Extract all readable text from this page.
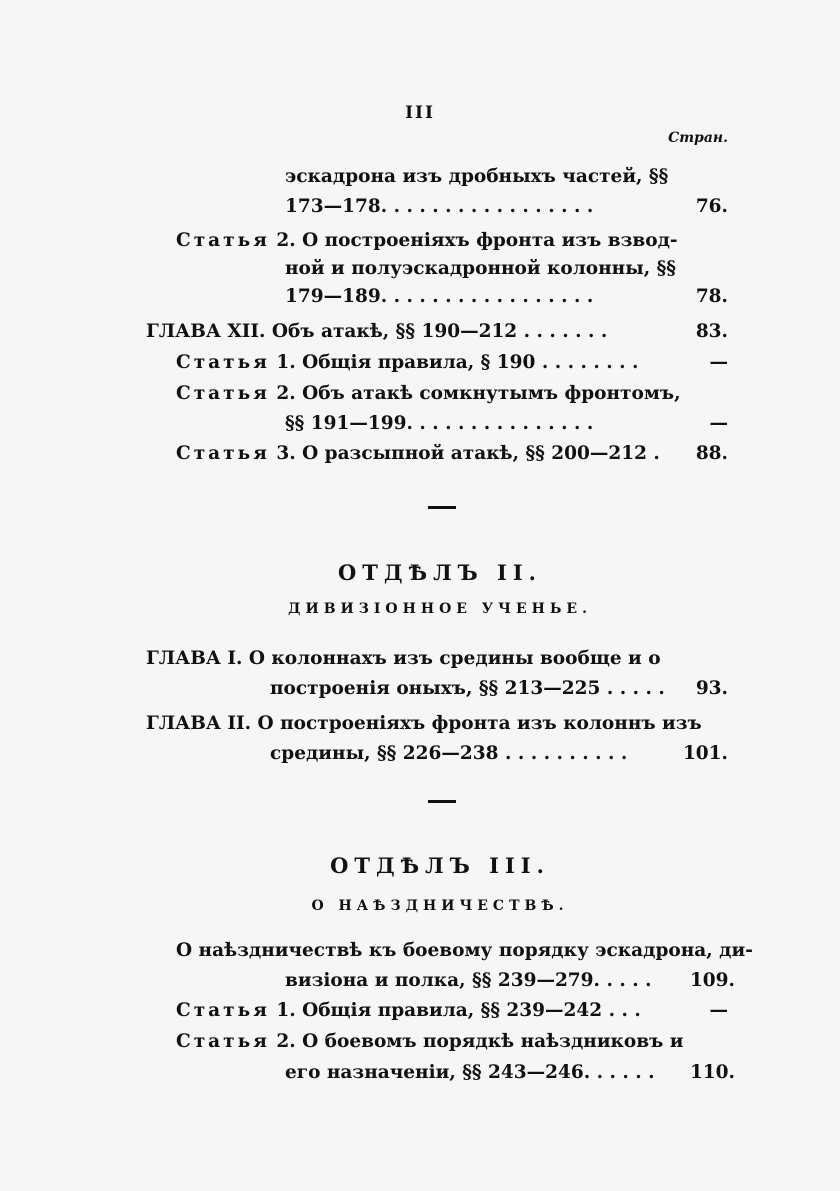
III
Стран.
эскадрона изъ дробныхъ частей, §§
173—178. . . . . . . . . . . . . . . . .	76.
Статья 2. О построеніяхъ фронта изъ взвод-
ной и полуэскадронной колонны, §§
179—189. . . . . . . . . . . . . . . . .	78.
ГЛАВА XII. Объ атакѣ, §§ 190—212 . . . . . . .	83.
Статья 1. Общія правила, § 190 . . . . . . . .	—
Статья 2. Объ атакѣ сомкнутымъ фронтомъ,
§§ 191—199. . . . . . . . . . . . . . .	—
Статья 3. О разсыпной атакѣ, §§ 200—212 . 88.
ОТДѢЛЪ II.
ДИВИЗІОННОЕ УЧЕНЬЕ.
ГЛАВА I. О колоннахъ изъ средины вообще и о
построенія оныхъ, §§ 213—225 . . . . . 93.
ГЛАВА II. О построеніяхъ фронта изъ колоннъ изъ
средины, §§ 226—238 . . . . . . . . . .	101.
ОТДѢЛЪ III.
О НАѢЗДНИЧЕСТВѢ.
О наѣздничествѣ къ боевому порядку эскадрона, ди-
визіона и полка, §§ 239—279. . . . . 109.
Статья 1. Общія правила, §§ 239—242 . . .	—
Статья 2. О боевомъ порядкѣ наѣздниковъ и
его назначеніи, §§ 243—246. . . . . . 110.
